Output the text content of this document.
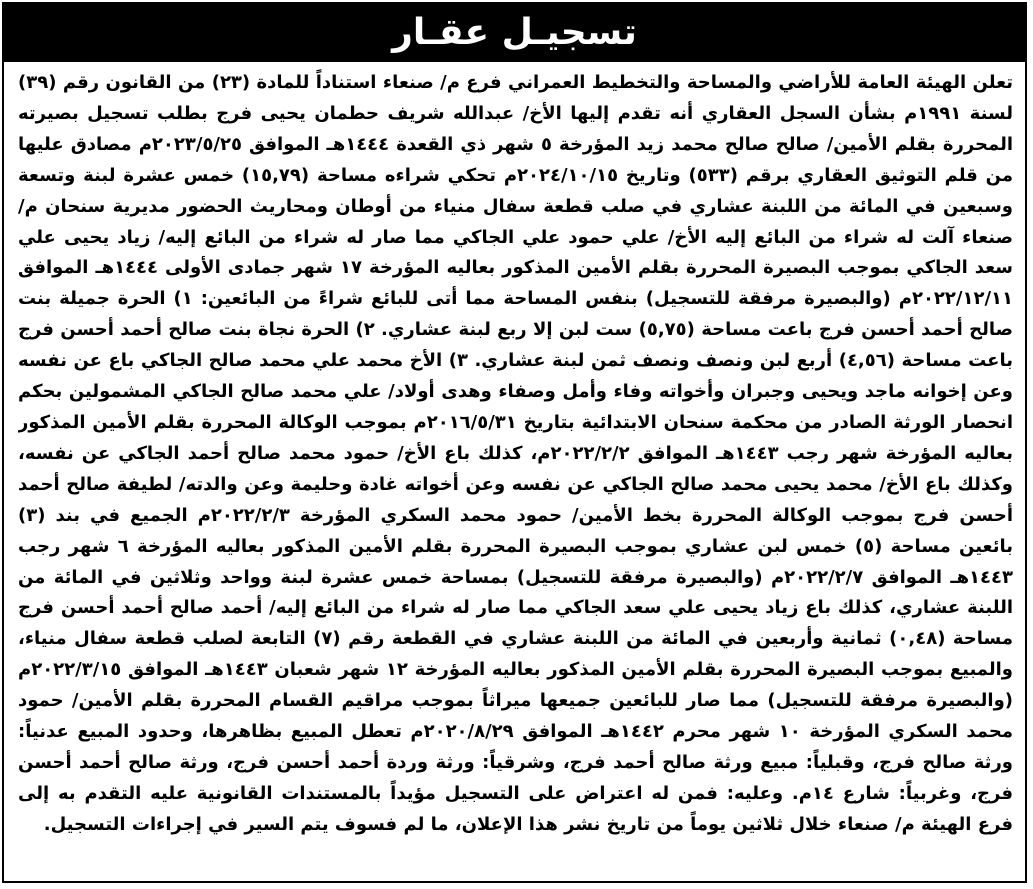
تسجيـل عقـار
تعلن الهيئة العامة للأراضي والمساحة والتخطيط العمراني فرع م/ صنعاء استناداً للمادة (٢٣) من القانون رقم (٣٩) لسنة ١٩٩١م بشأن السجل العقاري أنه تقدم إليها الأخ/ عبدالله شريف حطمان يحيى فرج بطلب تسجيل بصيرته المحررة بقلم الأمين/ صالح صالح محمد زيد المؤرخة ٥ شهر ذي القعدة ١٤٤٤هـ الموافق ٢٠٢٣/٥/٢٥م مصادق عليها من قلم التوثيق العقاري برقم (٥٣٣) وتاريخ ٢٠٢٤/١٠/١٥م تحكي شراءه مساحة (١٥,٧٩) خمس عشرة لبنة وتسعة وسبعين في المائة من اللبنة عشاري في صلب قطعة سفال منياء من أوطان ومحاريث الحضور مديرية سنحان م/ صنعاء آلت له شراء من البائع إليه الأخ/ علي حمود علي الجاكي مما صار له شراء من البائع إليه/ زياد يحيى علي سعد الجاكي بموجب البصيرة المحررة بقلم الأمين المذكور بعاليه المؤرخة ١٧ شهر جمادى الأولى ١٤٤٤هـ الموافق ٢٠٢٢/١٢/١١م (والبصيرة مرفقة للتسجيل) بنفس المساحة مما أتى للبائع شراءً من البائعين: ١) الحرة جميلة بنت صالح أحمد أحسن فرج باعت مساحة (٥,٧٥) ست لبن إلا ربع لبنة عشاري. ٢) الحرة نجاة بنت صالح أحمد أحسن فرج باعت مساحة (٤,٥٦) أربع لبن ونصف ونصف ثمن لبنة عشاري. ٣) الأخ محمد علي محمد صالح الجاكي باع عن نفسه وعن إخوانه ماجد ويحيى وجبران وأخواته وفاء وأمل وصفاء وهدى أولاد/ علي محمد صالح الجاكي المشمولين بحكم انحصار الورثة الصادر من محكمة سنحان الابتدائية بتاريخ ٢٠١٦/٥/٣١م بموجب الوكالة المحررة بقلم الأمين المذكور بعاليه المؤرخة شهر رجب ١٤٤٣هـ الموافق ٢٠٢٢/٢/٢م، كذلك باع الأخ/ حمود محمد صالح أحمد الجاكي عن نفسه، وكذلك باع الأخ/ محمد يحيى محمد صالح الجاكي عن نفسه وعن أخواته غادة وحليمة وعن والدته/ لطيفة صالح أحمد أحسن فرج بموجب الوكالة المحررة بخط الأمين/ حمود محمد السكري المؤرخة ٢٠٢٢/٢/٣م الجميع في بند (٣) بائعين مساحة (٥) خمس لبن عشاري بموجب البصيرة المحررة بقلم الأمين المذكور بعاليه المؤرخة ٦ شهر رجب ١٤٤٣هـ الموافق ٢٠٢٢/٢/٧م (والبصيرة مرفقة للتسجيل) بمساحة خمس عشرة لبنة وواحد وثلاثين في المائة من اللبنة عشاري، كذلك باع زياد يحيى علي سعد الجاكي مما صار له شراء من البائع إليه/ أحمد صالح أحمد أحسن فرج مساحة (٠,٤٨) ثمانية وأربعين في المائة من اللبنة عشاري في القطعة رقم (٧) التابعة لصلب قطعة سفال منياء، والمبيع بموجب البصيرة المحررة بقلم الأمين المذكور بعاليه المؤرخة ١٢ شهر شعبان ١٤٤٣هـ الموافق ٢٠٢٢/٣/١٥م (والبصيرة مرفقة للتسجيل) مما صار للبائعين جميعها ميراثاً بموجب مراقيم القسام المحررة بقلم الأمين/ حمود محمد السكري المؤرخة ١٠ شهر محرم ١٤٤٢هـ الموافق ٢٠٢٠/٨/٢٩م تعطل المبيع بظاهرها، وحدود المبيع عدنياً: ورثة صالح فرج، وقبلياً: مبيع ورثة صالح أحمد فرج، وشرقياً: ورثة وردة أحمد أحسن فرج، ورثة صالح أحمد أحسن فرج، وغربياً: شارع ١٤م. وعليه: فمن له اعتراض على التسجيل مؤيداً بالمستندات القانونية عليه التقدم به إلى فرع الهيئة م/ صنعاء خلال ثلاثين يوماً من تاريخ نشر هذا الإعلان، ما لم فسوف يتم السير في إجراءات التسجيل.
